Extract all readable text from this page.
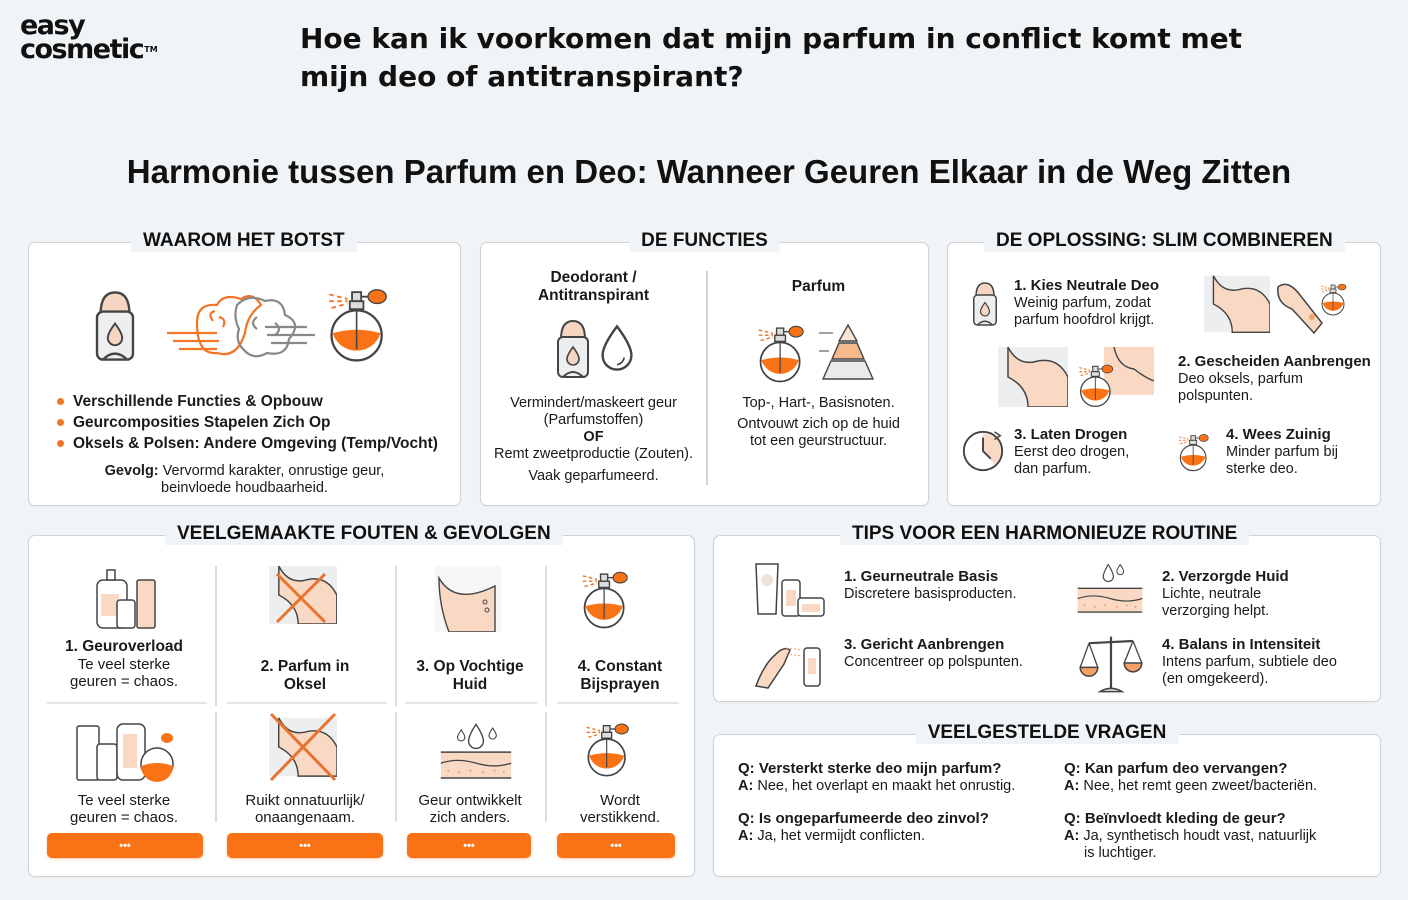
easy
cosmetic™	Hoe kan ik voorkomen dat mijn parfum in conflict komt met mijn deo of antitranspirant?
Harmonie tussen Parfum en Deo: Wanneer Geuren Elkaar in de Weg Zitten
WAAROM HET BOTST
Verschillende Functies & Opbouw
Geurcomposities Stapelen Zich Op
Oksels & Polsen: Andere Omgeving (Temp/Vocht)
Gevolg: Vervormd karakter, onrustige geur,
beinvloede houdbaarheid.
DE FUNCTIES
Deodorant /
Antitranspirant
Vermindert/maskeert geur
(Parfumstoffen)
OF
Remt zweetproductie (Zouten).
Vaak geparfumeerd.
Parfum
Top-, Hart-, Basisnoten.
Ontvouwt zich op de huid
tot een geurstructuur.
DE OPLOSSING: SLIM COMBINEREN
1. Kies Neutrale Deo
Weinig parfum, zodat
parfum hoofdrol krijgt.
2. Gescheiden Aanbrengen
Deo oksels, parfum
polspunten.
3. Laten Drogen
Eerst deo drogen,
dan parfum.
4. Wees Zuinig
Minder parfum bij
sterke deo.
VEELGEMAAKTE FOUTEN & GEVOLGEN
1. Geuroverload
Te veel sterke
geuren = chaos.
2. Parfum in
Oksel
3. Op Vochtige
Huid
4. Constant
Bijsprayen
Te veel sterke
geuren = chaos.
Ruikt onnatuurlijk/
onaangenaam.
Geur ontwikkelt
zich anders.
Wordt
verstikkend.
•••	•••	•••	•••
TIPS VOOR EEN HARMONIEUZE ROUTINE
1. Geurneutrale Basis
Discretere basisproducten.
2. Verzorgde Huid
Lichte, neutrale
verzorging helpt.
3. Gericht Aanbrengen
Concentreer op polspunten.
4. Balans in Intensiteit
Intens parfum, subtiele deo
(en omgekeerd).
VEELGESTELDE VRAGEN
Q: Versterkt sterke deo mijn parfum?
A: Nee, het overlapt en maakt het onrustig.
Q: Kan parfum deo vervangen?
A: Nee, het remt geen zweet/bacteriën.
Q: Is ongeparfumeerde deo zinvol?
A: Ja, het vermijdt conflicten.
Q: Beïnvloedt kleding de geur?
A: Ja, synthetisch houdt vast, natuurlijk
is luchtiger.
